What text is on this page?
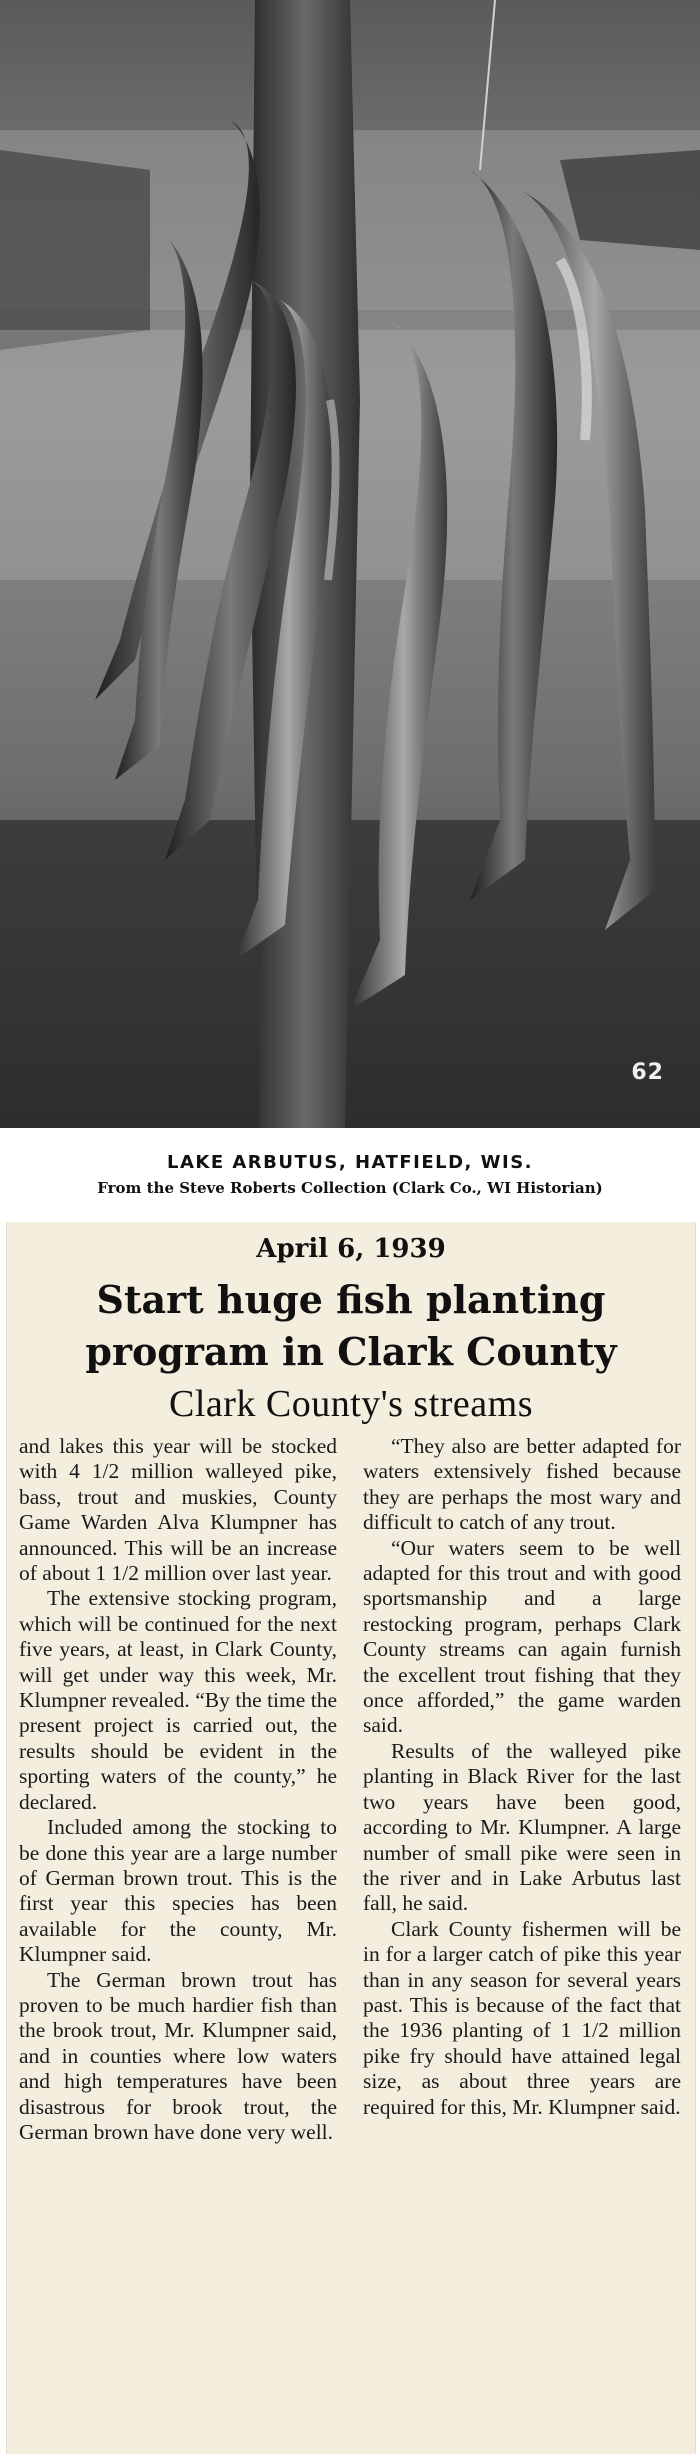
62
LAKE ARBUTUS, HATFIELD, WIS.
From the Steve Roberts Collection (Clark Co., WI Historian)
April 6, 1939
Start huge fish planting
program in Clark County
Clark County's streams

and lakes this year will be stocked with 4 1/2 million walleyed pike, bass, trout and muskies, County Game Warden Alva Klumpner has announced. This will be an increase of about 1 1/2 million over last year.

The extensive stocking program, which will be continued for the next five years, at least, in Clark County, will get under way this week, Mr. Klumpner revealed. “By the time the present project is carried out, the results should be evident in the sporting waters of the county,” he declared.

Included among the stocking to be done this year are a large number of German brown trout. This is the first year this species has been available for the county, Mr. Klumpner said.

The German brown trout has proven to be much hardier fish than the brook trout, Mr. Klumpner said, and in counties where low waters and high temperatures have been disastrous for brook trout, the German brown have done very well.

“They also are better adapted for waters extensively fished because they are perhaps the most wary and difficult to catch of any trout.

“Our waters seem to be well adapted for this trout and with good sportsmanship and a large restocking program, perhaps Clark County streams can again furnish the excellent trout fishing that they once afforded,” the game warden said.

Results of the walleyed pike planting in Black River for the last two years have been good, according to Mr. Klumpner. A large number of small pike were seen in the river and in Lake Arbutus last fall, he said.

Clark County fishermen will be in for a larger catch of pike this year than in any season for several years past. This is because of the fact that the 1936 planting of 1 1/2 million pike fry should have attained legal size, as about three years are required for this, Mr. Klumpner said.
